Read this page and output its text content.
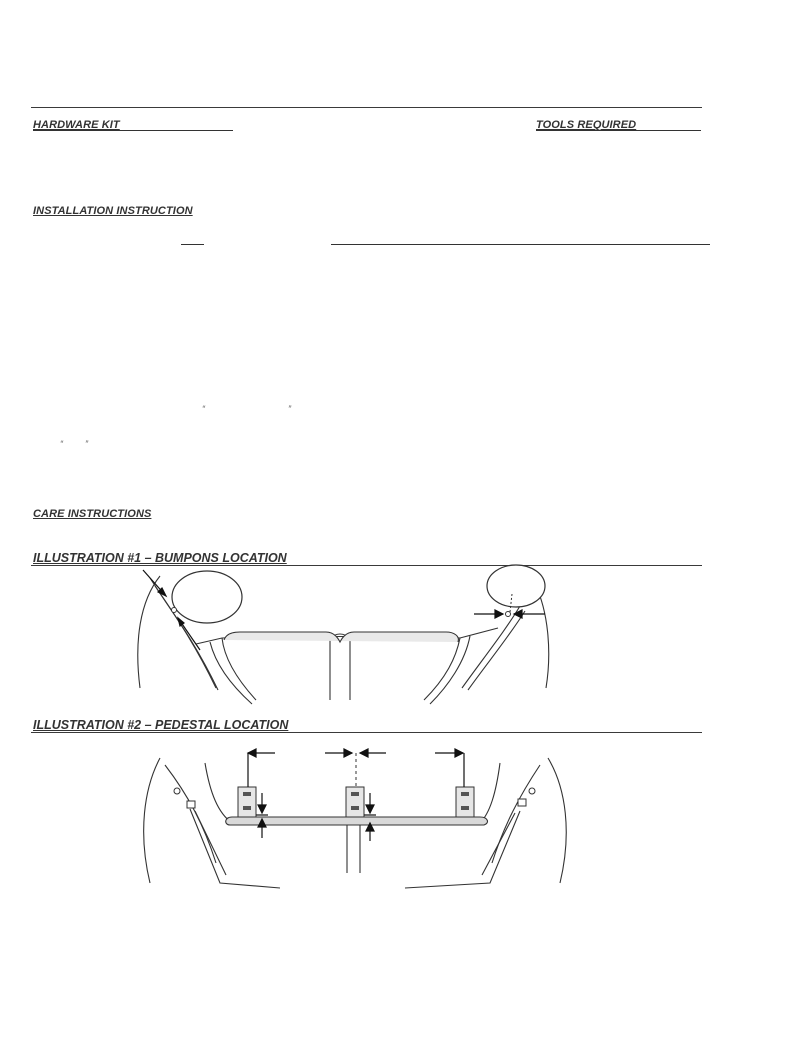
HARDWARE KIT	TOOLS REQUIRED
INSTALLATION INSTRUCTION
“	”
“ ”
CARE INSTRUCTIONS
ILLUSTRATION #1 – BUMPONS LOCATION
ILLUSTRATION #2 – PEDESTAL LOCATION
